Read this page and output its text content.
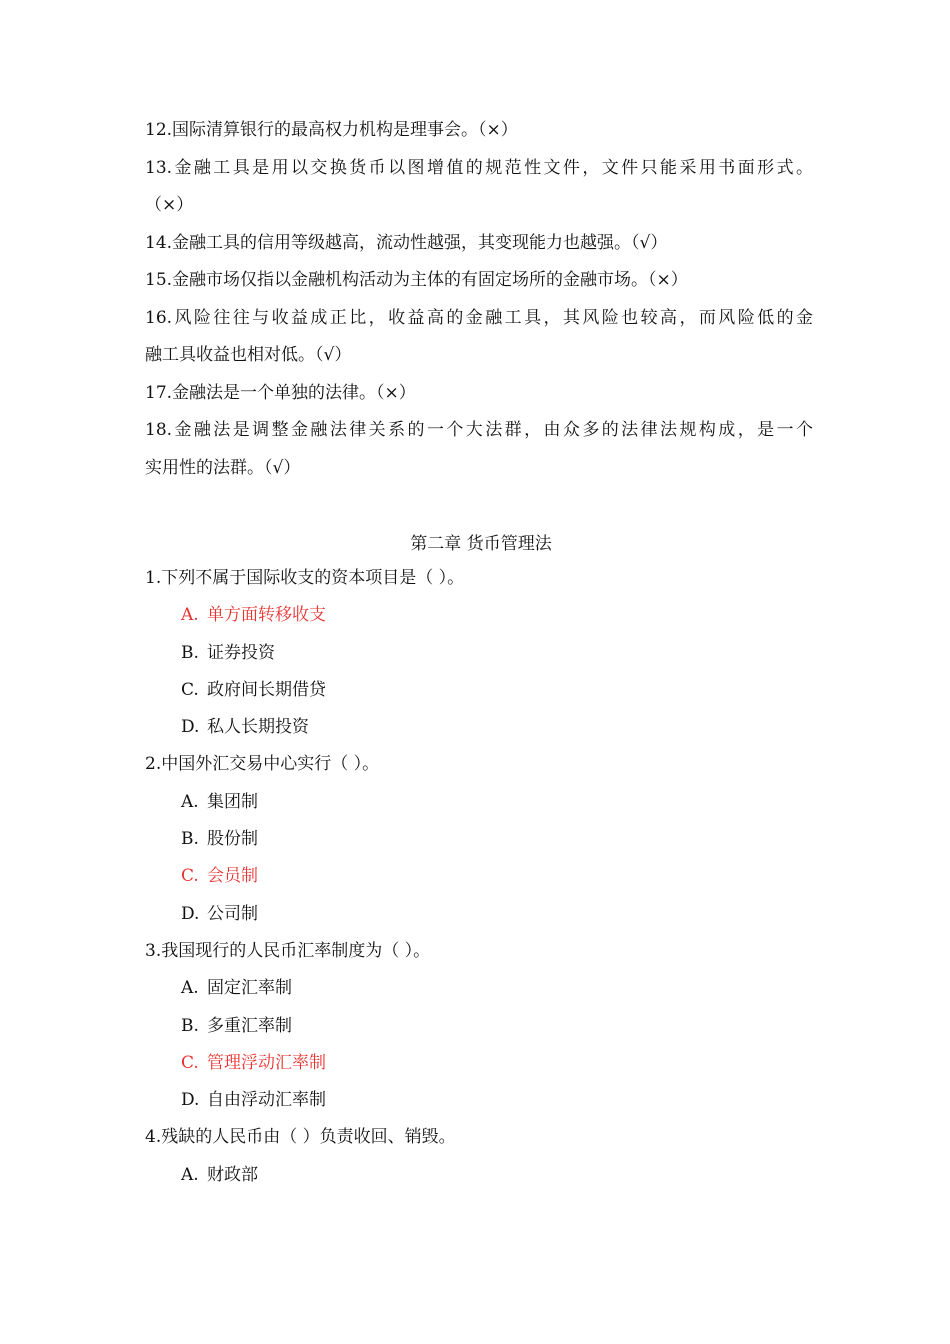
12.国际清算银行的最高权力机构是理事会。（×）
13.金融工具是用以交换货币以图增值的规范性文件，文件只能采用书面形式。
（×）
14.金融工具的信用等级越高，流动性越强，其变现能力也越强。（√）
15.金融市场仅指以金融机构活动为主体的有固定场所的金融市场。（×）
16.风险往往与收益成正比，收益高的金融工具，其风险也较高，而风险低的金
融工具收益也相对低。（√）
17.金融法是一个单独的法律。（×）
18.金融法是调整金融法律关系的一个大法群，由众多的法律法规构成，是一个
实用性的法群。（√）
第二章 货币管理法
1.下列不属于国际收支的资本项目是（ ）。
A. 单方面转移收支
B. 证券投资
C. 政府间长期借贷
D. 私人长期投资
2.中国外汇交易中心实行（ ）。
A. 集团制
B. 股份制
C. 会员制
D. 公司制
3.我国现行的人民币汇率制度为（ ）。
A. 固定汇率制
B. 多重汇率制
C. 管理浮动汇率制
D. 自由浮动汇率制
4.残缺的人民币由（ ）负责收回、销毁。
A. 财政部
